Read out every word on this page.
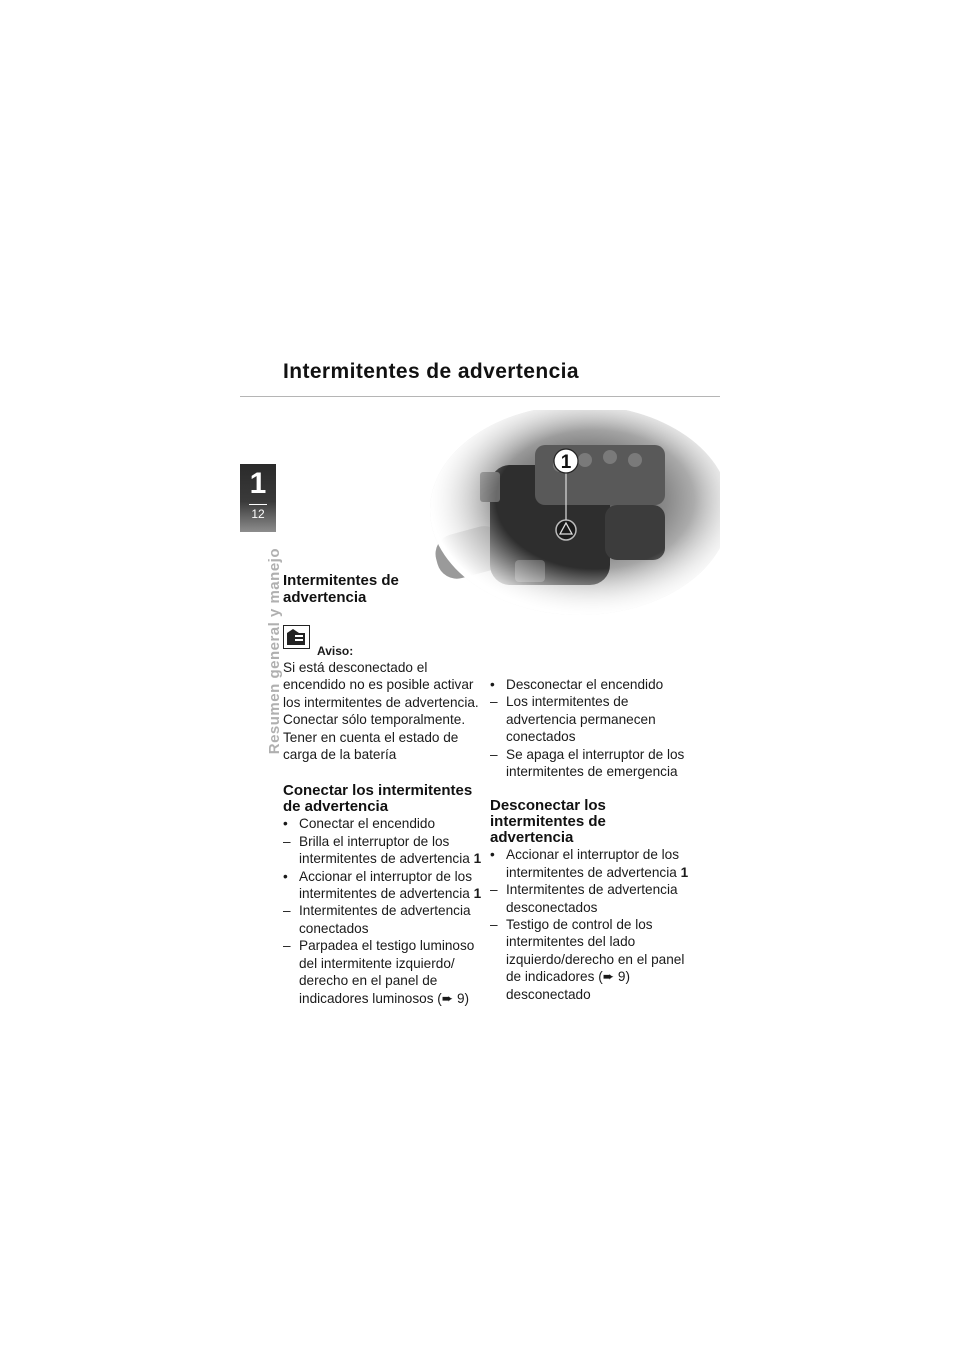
Intermitentes de advertencia
1
12
Resumen general y manejo
1
Intermitentes de advertencia
Aviso:

Si está desconectado el encendido no es posible activar los intermitentes de advertencia. Conectar sólo temporalmente. Tener en cuenta el estado de carga de la batería

Conectar los intermitentes de advertencia
• Conectar el encendido
– Brilla el interruptor de los intermitentes de advertencia 1
• Accionar el interruptor de los intermitentes de advertencia 1
– Intermitentes de advertencia conectados
– Parpadea el testigo luminoso del intermitente izquierdo/ derecho en el panel de indicadores luminosos (➨ 9)
• Desconectar el encendido
– Los intermitentes de advertencia permanecen conectados
– Se apaga el interruptor de los intermitentes de emergencia
Desconectar los intermitentes de advertencia
• Accionar el interruptor de los intermitentes de advertencia 1
– Intermitentes de advertencia desconectados
– Testigo de control de los intermitentes del lado izquierdo/derecho en el panel de indicadores (➨ 9) desconectado
